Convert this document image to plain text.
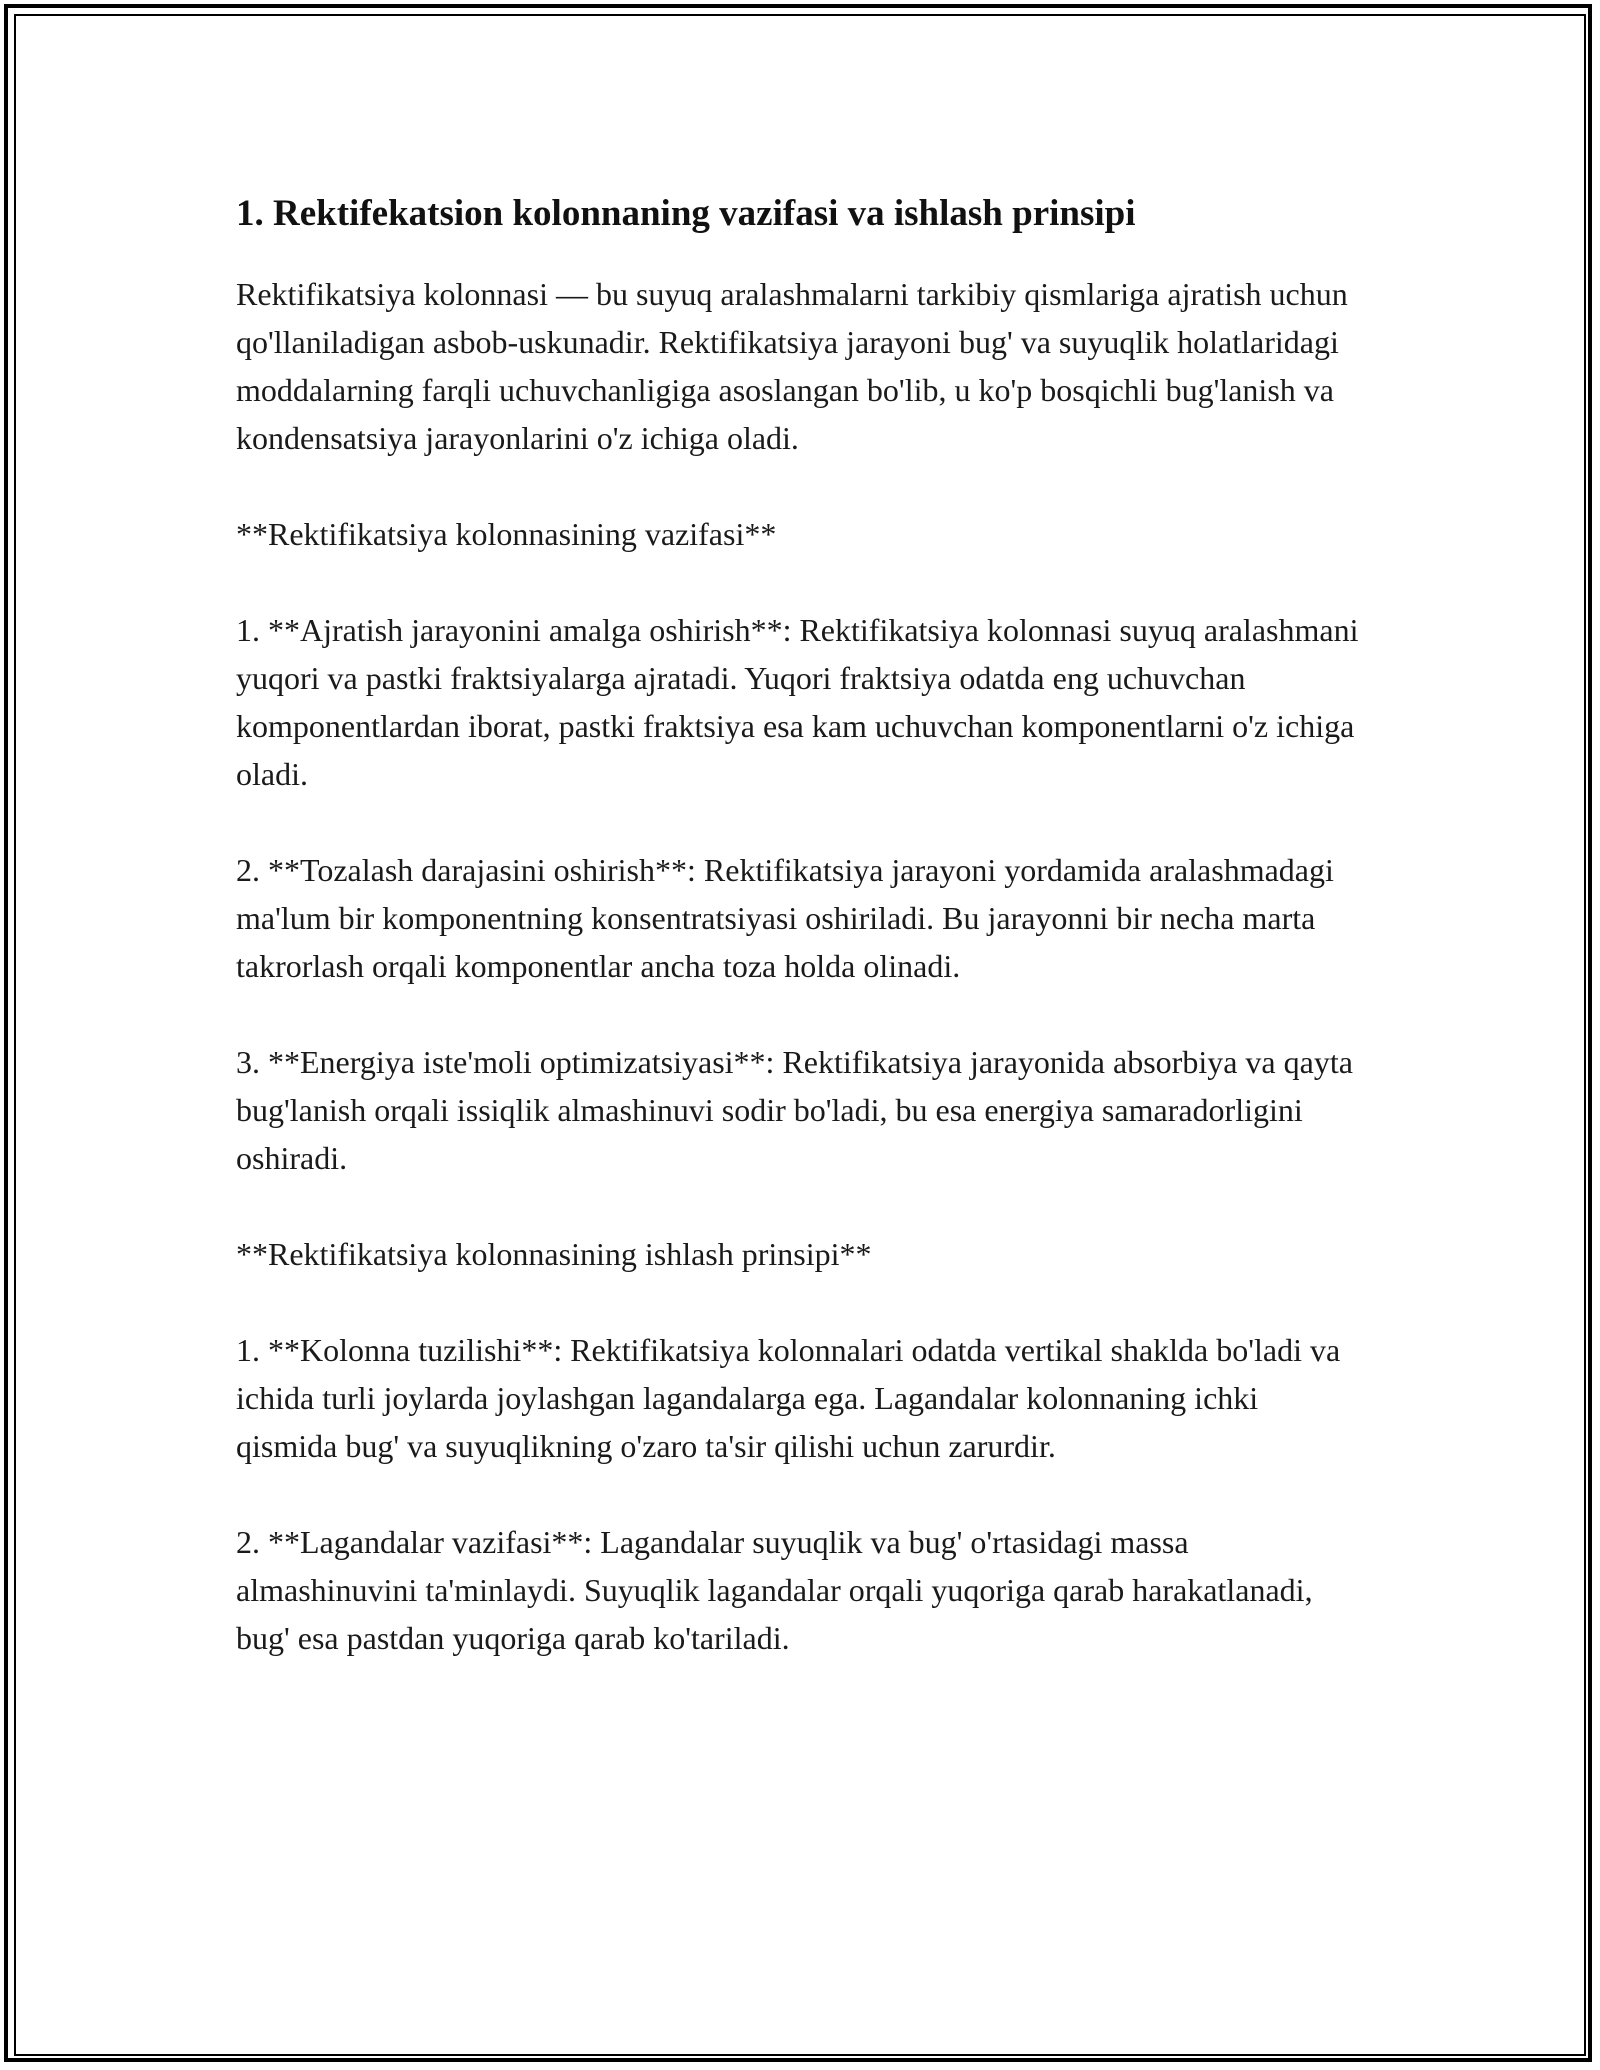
1. Rektifekatsion kolonnaning vazifasi va ishlash prinsipi

Rektifikatsiya kolonnasi — bu suyuq aralashmalarni tarkibiy qismlariga ajratish uchun qo'llaniladigan asbob-uskunadir. Rektifikatsiya jarayoni bug' va suyuqlik holatlaridagi moddalarning farqli uchuvchanligiga asoslangan bo'lib, u ko'p bosqichli bug'lanish va kondensatsiya jarayonlarini o'z ichiga oladi.

**Rektifikatsiya kolonnasining vazifasi**

1. **Ajratish jarayonini amalga oshirish**: Rektifikatsiya kolonnasi suyuq aralashmani yuqori va pastki fraktsiyalarga ajratadi. Yuqori fraktsiya odatda eng uchuvchan komponentlardan iborat, pastki fraktsiya esa kam uchuvchan komponentlarni o'z ichiga oladi.

2. **Tozalash darajasini oshirish**: Rektifikatsiya jarayoni yordamida aralashmadagi ma'lum bir komponentning konsentratsiyasi oshiriladi. Bu jarayonni bir necha marta takrorlash orqali komponentlar ancha toza holda olinadi.

3. **Energiya iste'moli optimizatsiyasi**: Rektifikatsiya jarayonida absorbiya va qayta bug'lanish orqali issiqlik almashinuvi sodir bo'ladi, bu esa energiya samaradorligini oshiradi.

**Rektifikatsiya kolonnasining ishlash prinsipi**

1. **Kolonna tuzilishi**: Rektifikatsiya kolonnalari odatda vertikal shaklda bo'ladi va ichida turli joylarda joylashgan lagandalarga ega. Lagandalar kolonnaning ichki qismida bug' va suyuqlikning o'zaro ta'sir qilishi uchun zarurdir.

2. **Lagandalar vazifasi**: Lagandalar suyuqlik va bug' o'rtasidagi massa almashinuvini ta'minlaydi. Suyuqlik lagandalar orqali yuqoriga qarab harakatlanadi, bug' esa pastdan yuqoriga qarab ko'tariladi.
